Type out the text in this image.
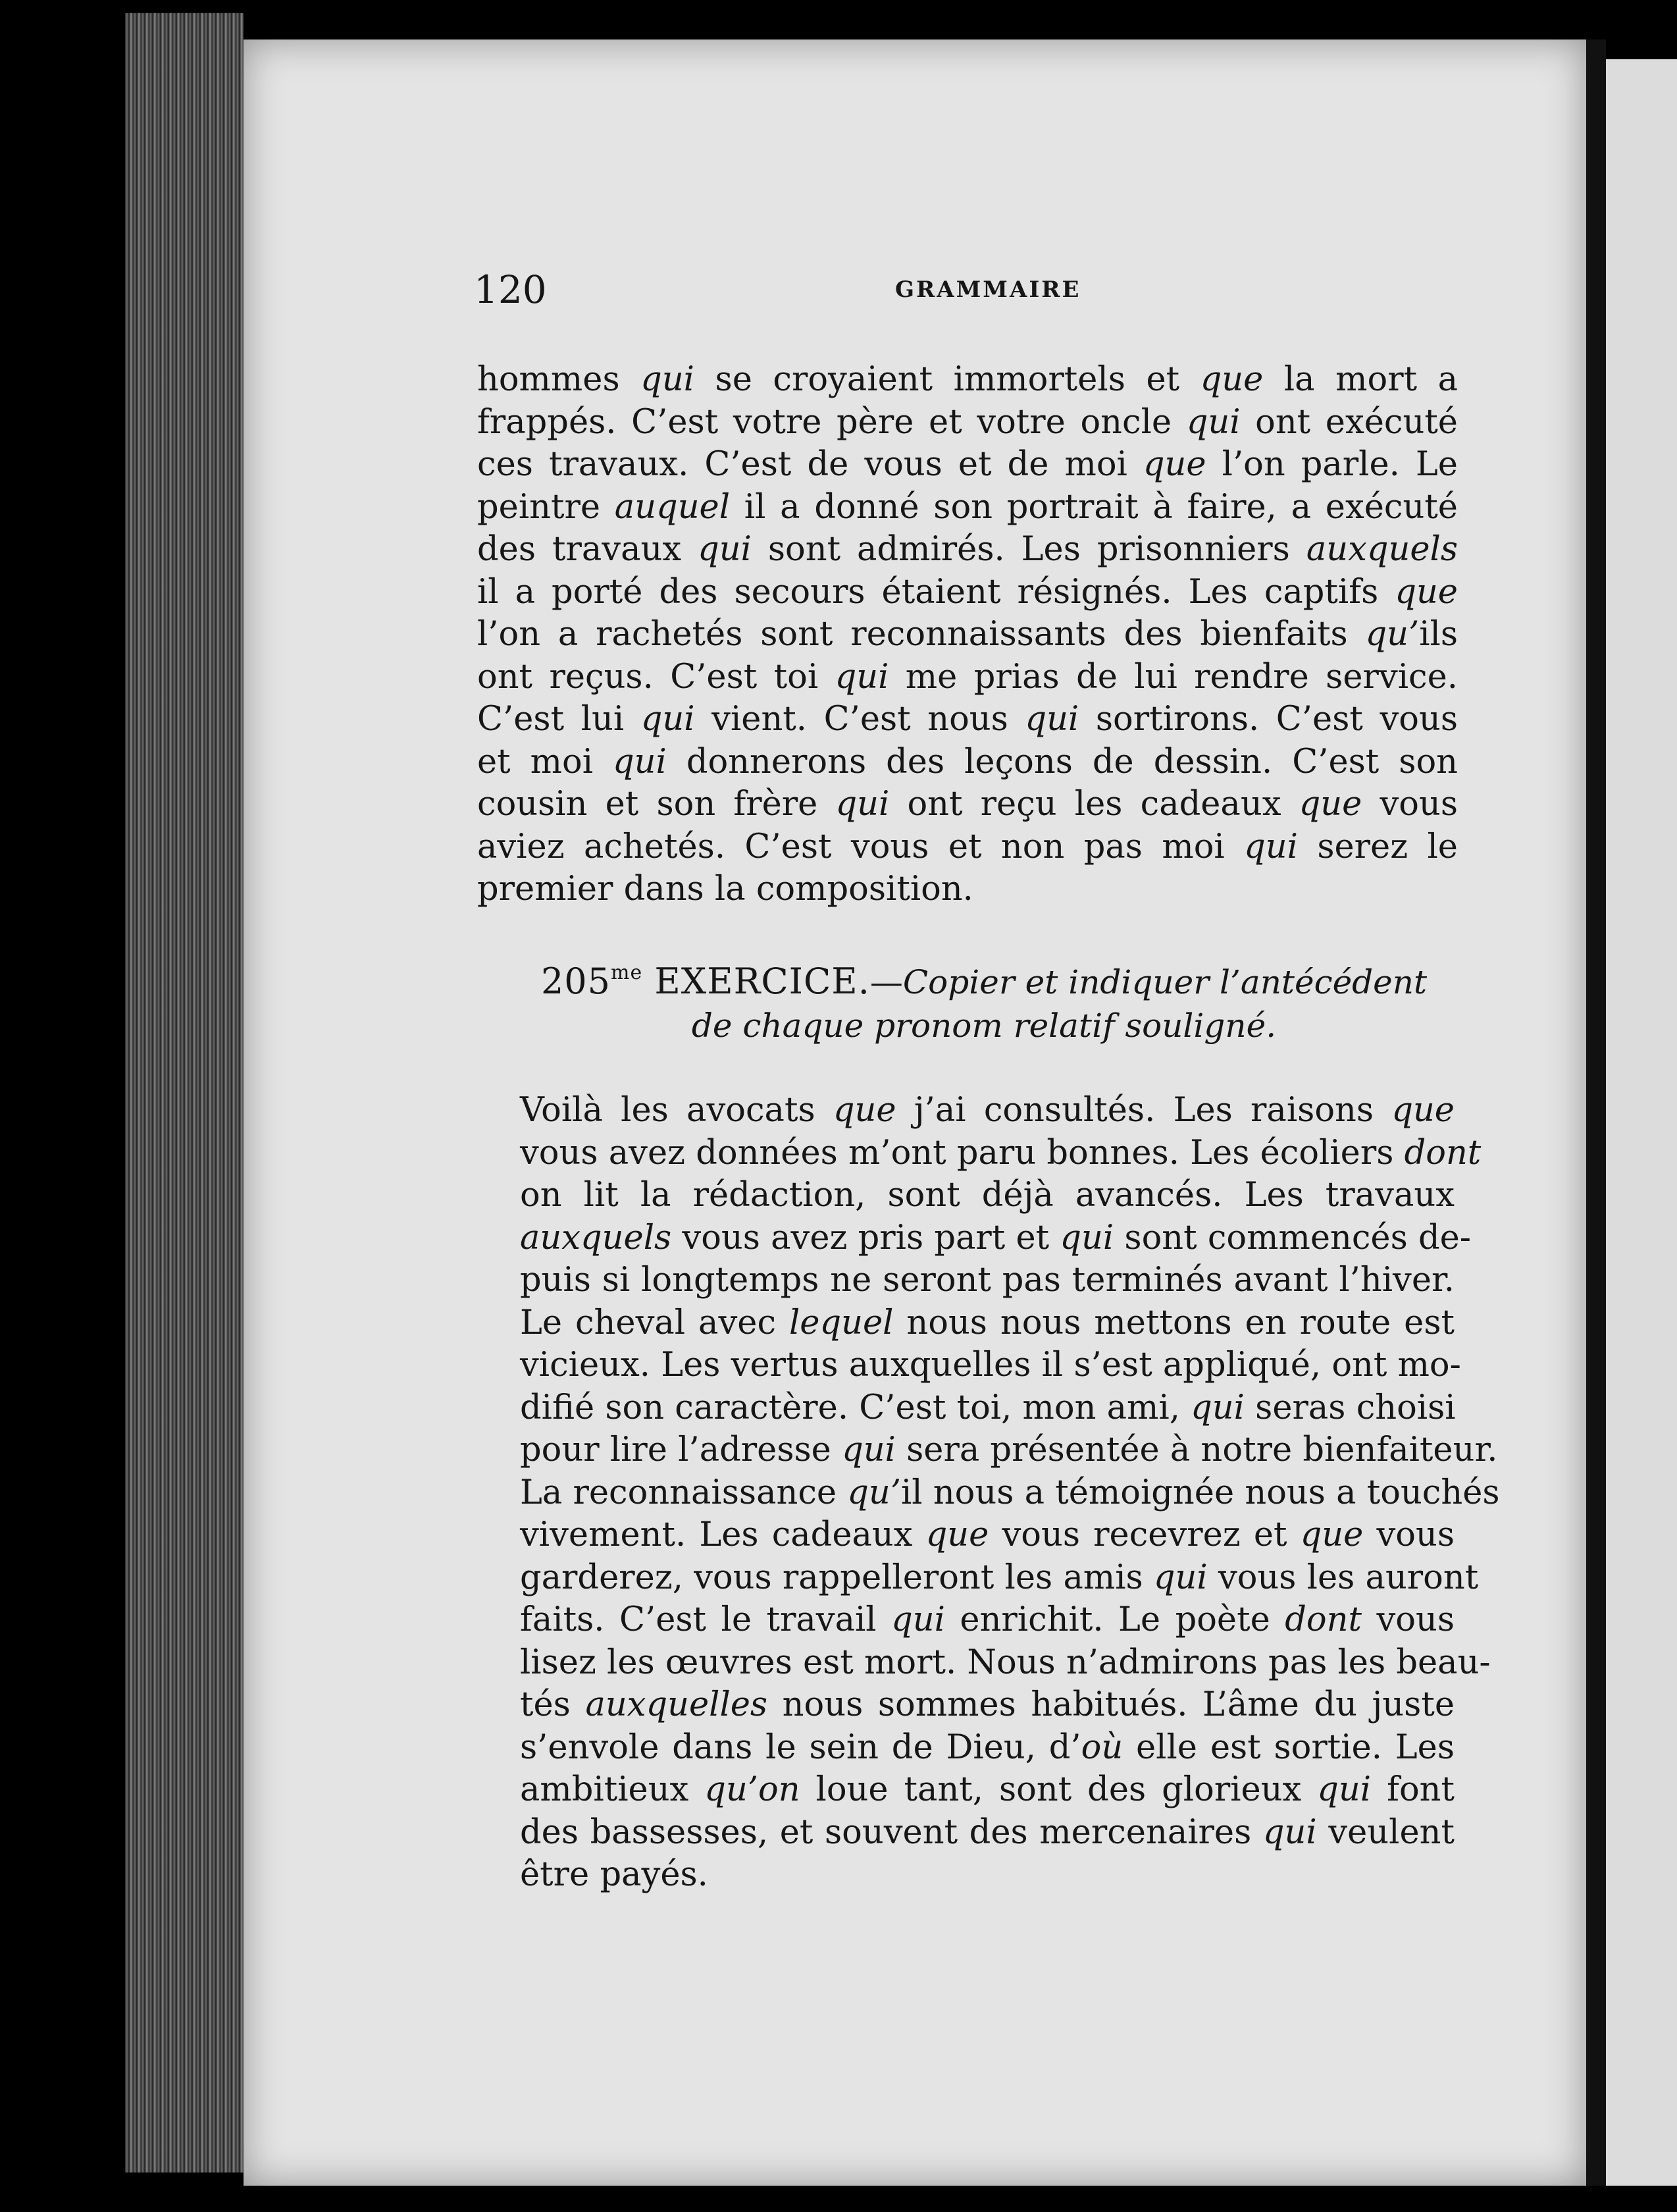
120	GRAMMAIRE
hommes qui se croyaient immortels et que la mort a
frappés. C’est votre père et votre oncle qui ont exécuté
ces travaux. C’est de vous et de moi que l’on parle. Le
peintre auquel il a donné son portrait à faire, a exécuté
des travaux qui sont admirés. Les prisonniers auxquels
il a porté des secours étaient résignés. Les captifs que
l’on a rachetés sont reconnaissants des bienfaits qu’ils
ont reçus. C’est toi qui me prias de lui rendre service.
C’est lui qui vient. C’est nous qui sortirons. C’est vous
et moi qui donnerons des leçons de dessin. C’est son
cousin et son frère qui ont reçu les cadeaux que vous
aviez achetés. C’est vous et non pas moi qui serez le
premier dans la composition.
$205^{me}$ EXERCICE.—Copier et indiquer l’antécédent
de chaque pronom relatif souligné.
Voilà les avocats que j’ai consultés. Les raisons que
vous avez données m’ont paru bonnes. Les écoliers dont
on lit la rédaction, sont déjà avancés. Les travaux
auxquels vous avez pris part et qui sont commencés de-
puis si longtemps ne seront pas terminés avant l’hiver.
Le cheval avec lequel nous nous mettons en route est
vicieux. Les vertus auxquelles il s’est appliqué, ont mo-
difié son caractère. C’est toi, mon ami, qui seras choisi
pour lire l’adresse qui sera présentée à notre bienfaiteur.
La reconnaissance qu’il nous a témoignée nous a touchés
vivement. Les cadeaux que vous recevrez et que vous
garderez, vous rappelleront les amis qui vous les auront
faits. C’est le travail qui enrichit. Le poète dont vous
lisez les œuvres est mort. Nous n’admirons pas les beau-
tés auxquelles nous sommes habitués. L’âme du juste
s’envole dans le sein de Dieu, d’où elle est sortie. Les
ambitieux qu’on loue tant, sont des glorieux qui font
des bassesses, et souvent des mercenaires qui veulent
être payés.
